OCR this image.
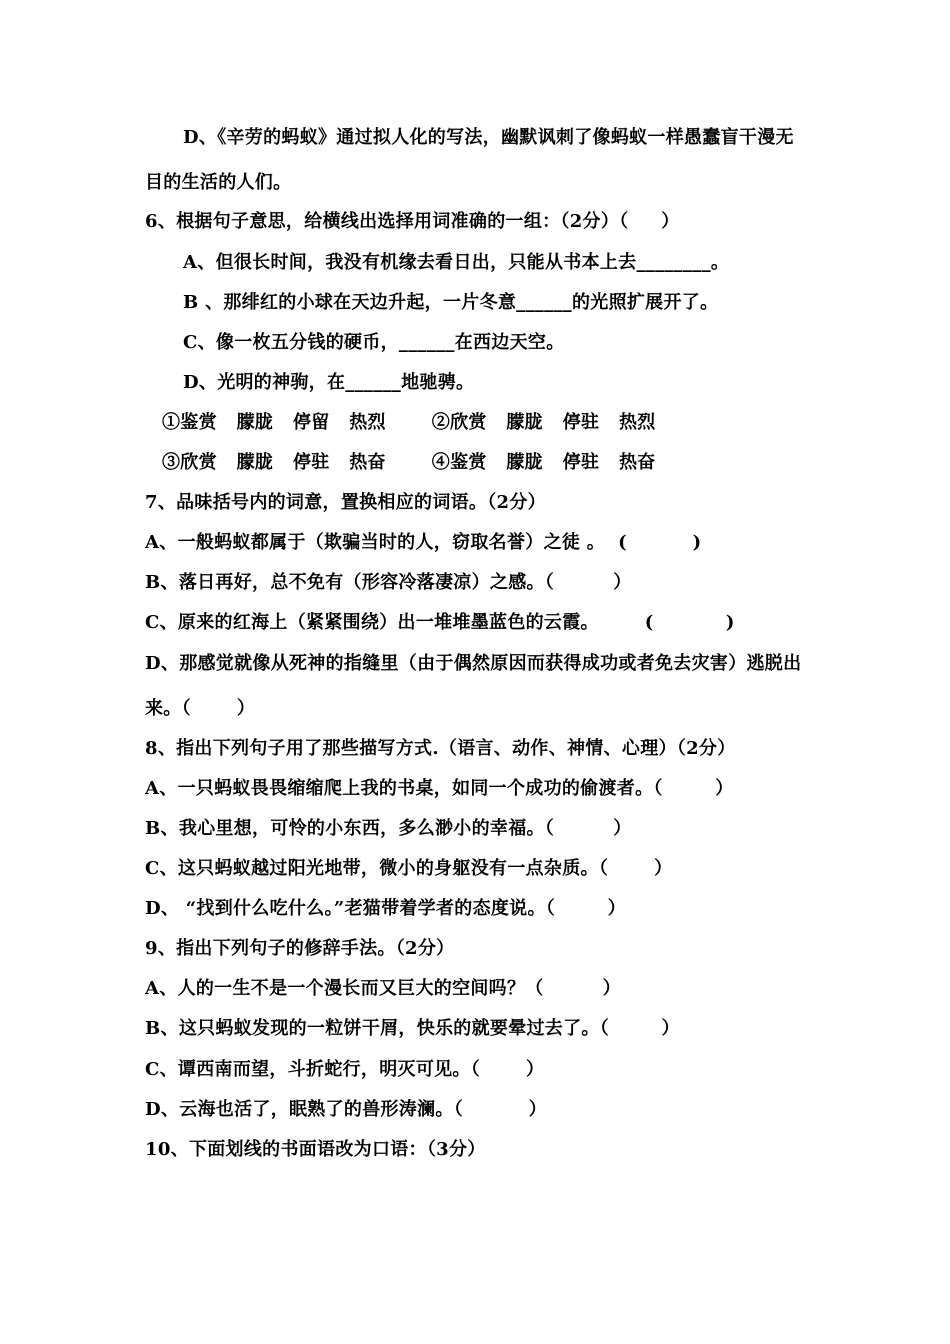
D、《辛劳的蚂蚁》通过拟人化的写法，幽默讽刺了像蚂蚁一样愚蠢盲干漫无
目的生活的人们。
6、根据句子意思，给横线出选择用词准确的一组：（2分）（     ）
A、但很长时间，我没有机缘去看日出，只能从书本上去________。
B 、那绯红的小球在天边升起，一片冬意______的光照扩展开了。
C、像一枚五分钱的硬币，______在西边天空。
D、光明的神驹，在______地驰骋。
①鉴赏   朦胧   停留   热烈       ②欣赏   朦胧   停驻   热烈
③欣赏   朦胧   停驻   热奋       ④鉴赏   朦胧   停驻   热奋
7、品味括号内的词意，置换相应的词语。（2分）
A、一般蚂蚁都属于（欺骗当时的人，窃取名誉）之徒 。  (          )
B、落日再好，总不免有（形容冷落凄凉）之感。（         ）
C、原来的红海上（紧紧围绕）出一堆堆墨蓝色的云霞。       (           )
D、那感觉就像从死神的指缝里（由于偶然原因而获得成功或者免去灾害）逃脱出
来。（       ）
8、指出下列句子用了那些描写方式.（语言、动作、神情、心理）（2分）
A、一只蚂蚁畏畏缩缩爬上我的书桌，如同一个成功的偷渡者。（        ）
B、我心里想，可怜的小东西，多么渺小的幸福。（         ）
C、这只蚂蚁越过阳光地带，微小的身躯没有一点杂质。（       ）
D、 “找到什么吃什么。”老猫带着学者的态度说。（        ）
9、指出下列句子的修辞手法。（2分）
A、人的一生不是一个漫长而又巨大的空间吗？（         ）
B、这只蚂蚁发现的一粒饼干屑，快乐的就要晕过去了。（        ）
C、谭西南而望，斗折蛇行，明灭可见。（       ）
D、云海也活了，眠熟了的兽形涛澜。（          ）
10、下面划线的书面语改为口语：（3分）
